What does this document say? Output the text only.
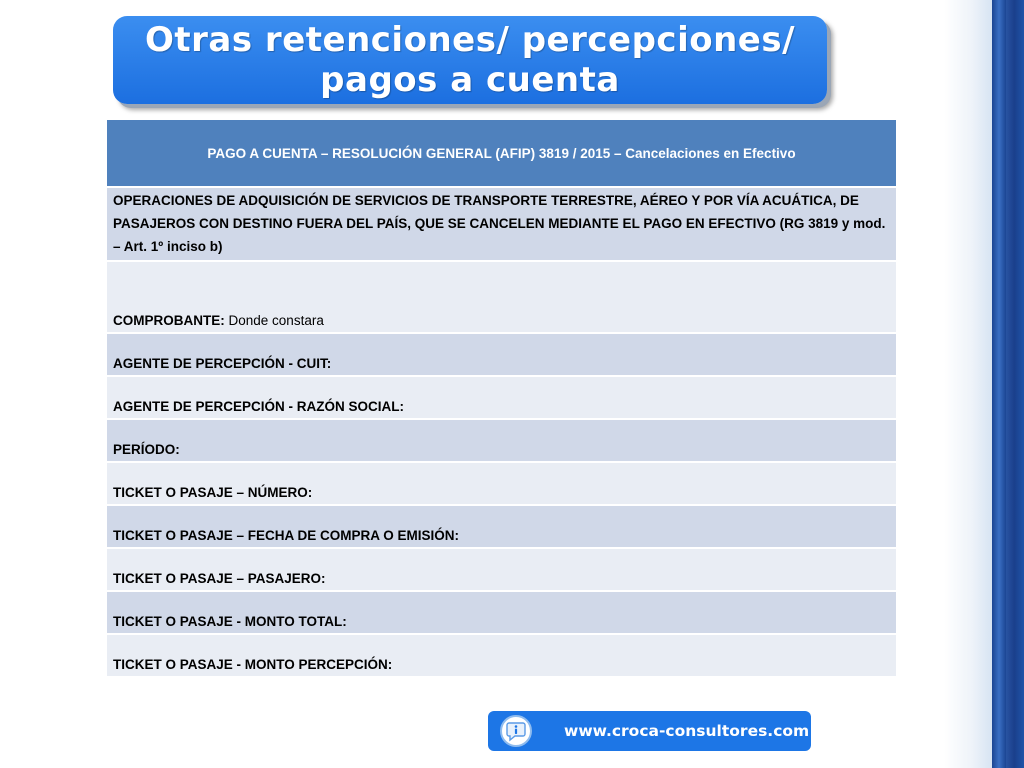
Otras retenciones/ percepciones/
pagos a cuenta
PAGO A CUENTA – RESOLUCIÓN GENERAL (AFIP) 3819 / 2015 – Cancelaciones en Efectivo
OPERACIONES DE ADQUISICIÓN DE SERVICIOS DE TRANSPORTE TERRESTRE, AÉREO Y POR VÍA ACUÁTICA, DE PASAJEROS CON DESTINO FUERA DEL PAÍS, QUE SE CANCELEN MEDIANTE EL PAGO EN EFECTIVO (RG 3819 y mod. – Art. 1º inciso b)
COMPROBANTE: Donde constara
AGENTE DE PERCEPCIÓN - CUIT:
AGENTE DE PERCEPCIÓN - RAZÓN SOCIAL:
PERÍODO:
TICKET O PASAJE – NÚMERO:
TICKET O PASAJE – FECHA DE COMPRA O EMISIÓN:
TICKET O PASAJE – PASAJERO:
TICKET O PASAJE - MONTO TOTAL:
TICKET O PASAJE - MONTO PERCEPCIÓN:
www.croca-consultores.com
